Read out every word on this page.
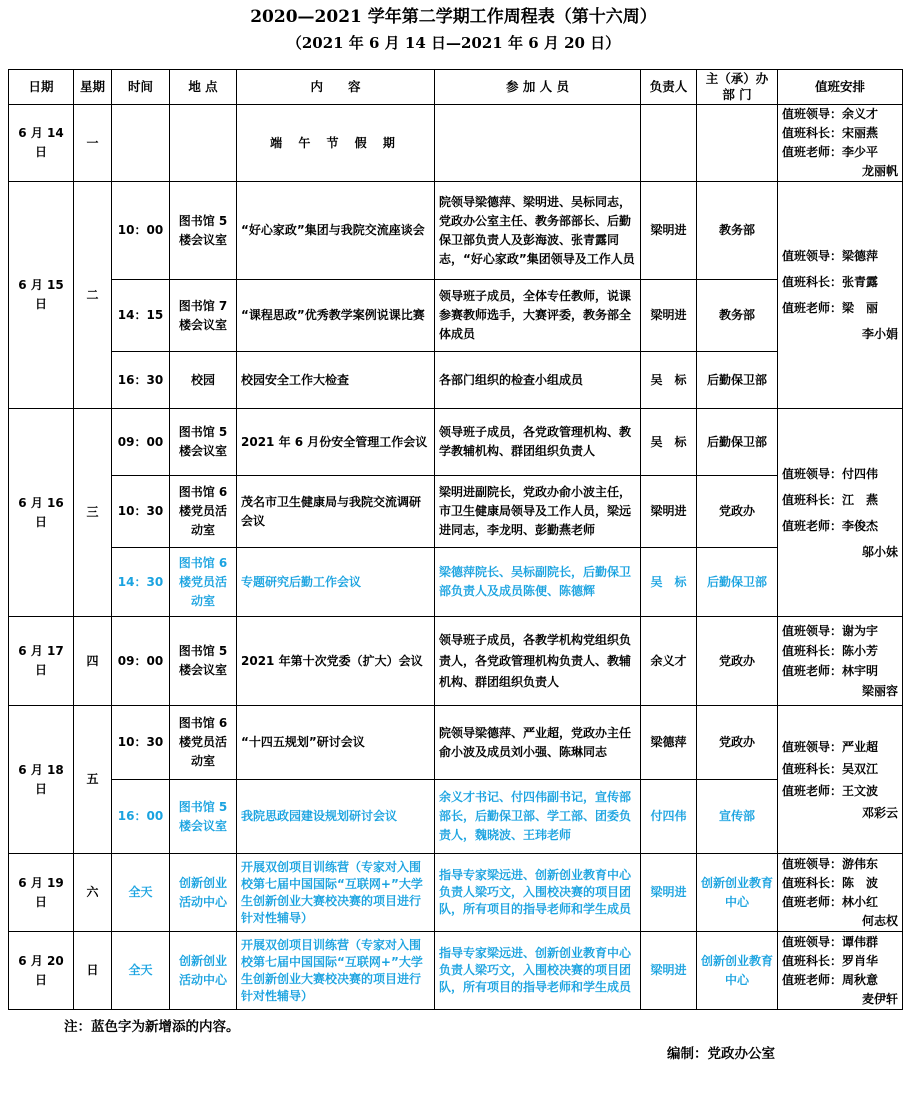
2020—2021 学年第二学期工作周程表（第十六周）
（2021 年 6 月 14 日—2021 年 6 月 20 日）
日期	星期	时间	地 点	内　　容	参 加 人 员	负责人	主（承）办部 门	值班安排
6 月 14 日	一			端 午 节 假 期				值班领导：余义才
值班科长：宋丽燕
值班老师：李少平
龙丽帆

6 月 15 日	二	10：00	图书馆 5 楼会议室	“好心家政”集团与我院交流座谈会	院领导梁德萍、梁明进、吴标同志，党政办公室主任、教务部部长、后勤保卫部负责人及彭海波、张青露同志，“好心家政”集团领导及工作人员	梁明进	教务部	值班领导：梁德萍
值班科长：张青露
值班老师：梁　丽
李小娟

		14：15	图书馆 7 楼会议室	“课程思政”优秀教学案例说课比赛	领导班子成员，全体专任教师，说课参赛教师选手，大赛评委，教务部全体成员	梁明进	教务部	
		16：30	校园	校园安全工作大检查	各部门组织的检查小组成员	吴　标	后勤保卫部	
6 月 16 日	三	09：00	图书馆 5 楼会议室	2021 年 6 月份安全管理工作会议	领导班子成员，各党政管理机构、教学教辅机构、群团组织负责人	吴　标	后勤保卫部	值班领导：付四伟
值班科长：江　燕
值班老师：李俊杰
邬小妹

		10：30	图书馆 6 楼党员活动室	茂名市卫生健康局与我院交流调研会议	梁明进副院长，党政办俞小波主任，市卫生健康局领导及工作人员，梁远进同志，李龙明、彭勤燕老师	梁明进	党政办	
		14：30	图书馆 6 楼党员活动室	专题研究后勤工作会议	梁德萍院长、吴标副院长，后勤保卫部负责人及成员陈便、陈德辉	吴　标	后勤保卫部	
6 月 17 日	四	09：00	图书馆 5 楼会议室	2021 年第十次党委（扩大）会议	领导班子成员，各教学机构党组织负责人，各党政管理机构负责人、教辅机构、群团组织负责人	余义才	党政办	值班领导：谢为宇
值班科长：陈小芳
值班老师：林宇明
梁丽容

6 月 18 日	五	10：30	图书馆 6 楼党员活动室	“十四五规划”研讨会议	院领导梁德萍、严业超，党政办主任俞小波及成员刘小强、陈琳同志	梁德萍	党政办	值班领导：严业超
值班科长：吴双江
值班老师：王文波
邓彩云

		16：00	图书馆 5 楼会议室	我院思政园建设规划研讨会议	余义才书记、付四伟副书记，宣传部部长，后勤保卫部、学工部、团委负责人，魏晓波、王玮老师	付四伟	宣传部	
6 月 19 日	六	全天	创新创业活动中心	开展双创项目训练营（专家对入围校第七届中国国际“互联网+”大学生创新创业大赛校决赛的项目进行针对性辅导）	指导专家梁远进、创新创业教育中心负责人梁巧文，入围校决赛的项目团队，所有项目的指导老师和学生成员	梁明进	创新创业教育中心	值班领导：游伟东
值班科长：陈　波
值班老师：林小红
何志权

6 月 20 日	日	全天	创新创业活动中心	开展双创项目训练营（专家对入围校第七届中国国际“互联网+”大学生创新创业大赛校决赛的项目进行针对性辅导）	指导专家梁远进、创新创业教育中心负责人梁巧文，入围校决赛的项目团队，所有项目的指导老师和学生成员	梁明进	创新创业教育中心	值班领导：谭伟群
值班科长：罗肖华
值班老师：周秋意
麦伊轩
注：蓝色字为新增添的内容。
编制：党政办公室
